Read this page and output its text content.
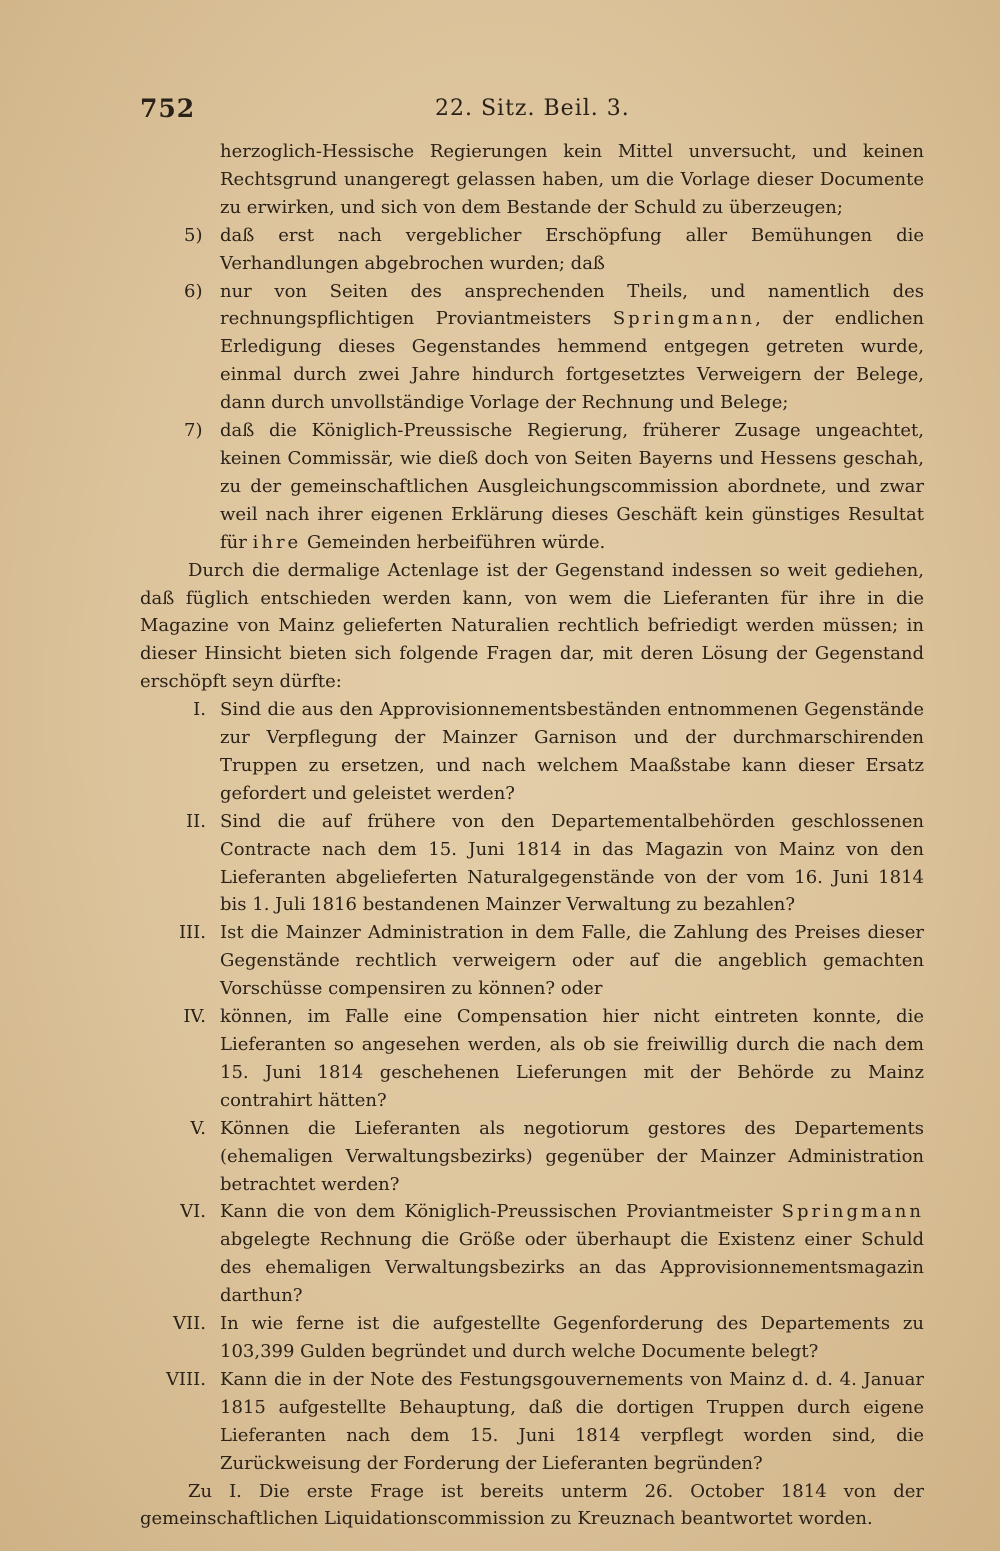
752	22. Sitz. Beil. 3.

herzoglich-Hessische Regierungen kein Mittel unversucht, und keinen Rechtsgrund unangeregt gelassen haben, um die Vorlage dieser Documente zu erwirken, und sich von dem Bestande der Schuld zu überzeugen;

5) daß erst nach vergeblicher Erschöpfung aller Bemühungen die Verhandlungen abgebrochen wurden; daß

6) nur von Seiten des ansprechenden Theils, und namentlich des rechnungspflichtigen Proviantmeisters Springmann, der endlichen Erledigung dieses Gegenstandes hemmend entgegen getreten wurde, einmal durch zwei Jahre hindurch fortgesetztes Verweigern der Belege, dann durch unvollständige Vorlage der Rechnung und Belege;

7) daß die Königlich-Preussische Regierung, früherer Zusage ungeachtet, keinen Commissär, wie dieß doch von Seiten Bayerns und Hessens geschah, zu der gemeinschaftlichen Ausgleichungscommission abordnete, und zwar weil nach ihrer eigenen Erklärung dieses Geschäft kein günstiges Resultat für ihre Gemeinden herbeiführen würde.

Durch die dermalige Actenlage ist der Gegenstand indessen so weit gediehen, daß füglich entschieden werden kann, von wem die Lieferanten für ihre in die Magazine von Mainz gelieferten Naturalien rechtlich befriedigt werden müssen; in dieser Hinsicht bieten sich folgende Fragen dar, mit deren Lösung der Gegenstand erschöpft seyn dürfte:

I. Sind die aus den Approvisionnementsbeständen entnommenen Gegenstände zur Verpflegung der Mainzer Garnison und der durchmarschirenden Truppen zu ersetzen, und nach welchem Maaßstabe kann dieser Ersatz gefordert und geleistet werden?

II. Sind die auf frühere von den Departementalbehörden geschlossenen Contracte nach dem 15. Juni 1814 in das Magazin von Mainz von den Lieferanten abgelieferten Naturalgegenstände von der vom 16. Juni 1814 bis 1. Juli 1816 bestandenen Mainzer Verwaltung zu bezahlen?

III. Ist die Mainzer Administration in dem Falle, die Zahlung des Preises dieser Gegenstände rechtlich verweigern oder auf die angeblich gemachten Vorschüsse compensiren zu können? oder

IV. können, im Falle eine Compensation hier nicht eintreten konnte, die Lieferanten so angesehen werden, als ob sie freiwillig durch die nach dem 15. Juni 1814 geschehenen Lieferungen mit der Behörde zu Mainz contrahirt hätten?

V. Können die Lieferanten als negotiorum gestores des Departements (ehemaligen Verwaltungsbezirks) gegenüber der Mainzer Administration betrachtet werden?

VI. Kann die von dem Königlich-Preussischen Proviantmeister Springmann abgelegte Rechnung die Größe oder überhaupt die Existenz einer Schuld des ehemaligen Verwaltungsbezirks an das Approvisionnementsmagazin darthun?

VII. In wie ferne ist die aufgestellte Gegenforderung des Departements zu 103,399 Gulden begründet und durch welche Documente belegt?

VIII. Kann die in der Note des Festungsgouvernements von Mainz d. d. 4. Januar 1815 aufgestellte Behauptung, daß die dortigen Truppen durch eigene Lieferanten nach dem 15. Juni 1814 verpflegt worden sind, die Zurückweisung der Forderung der Lieferanten begründen?

Zu I. Die erste Frage ist bereits unterm 26. October 1814 von der gemeinschaftlichen Liquidationscommission zu Kreuznach beantwortet worden.
